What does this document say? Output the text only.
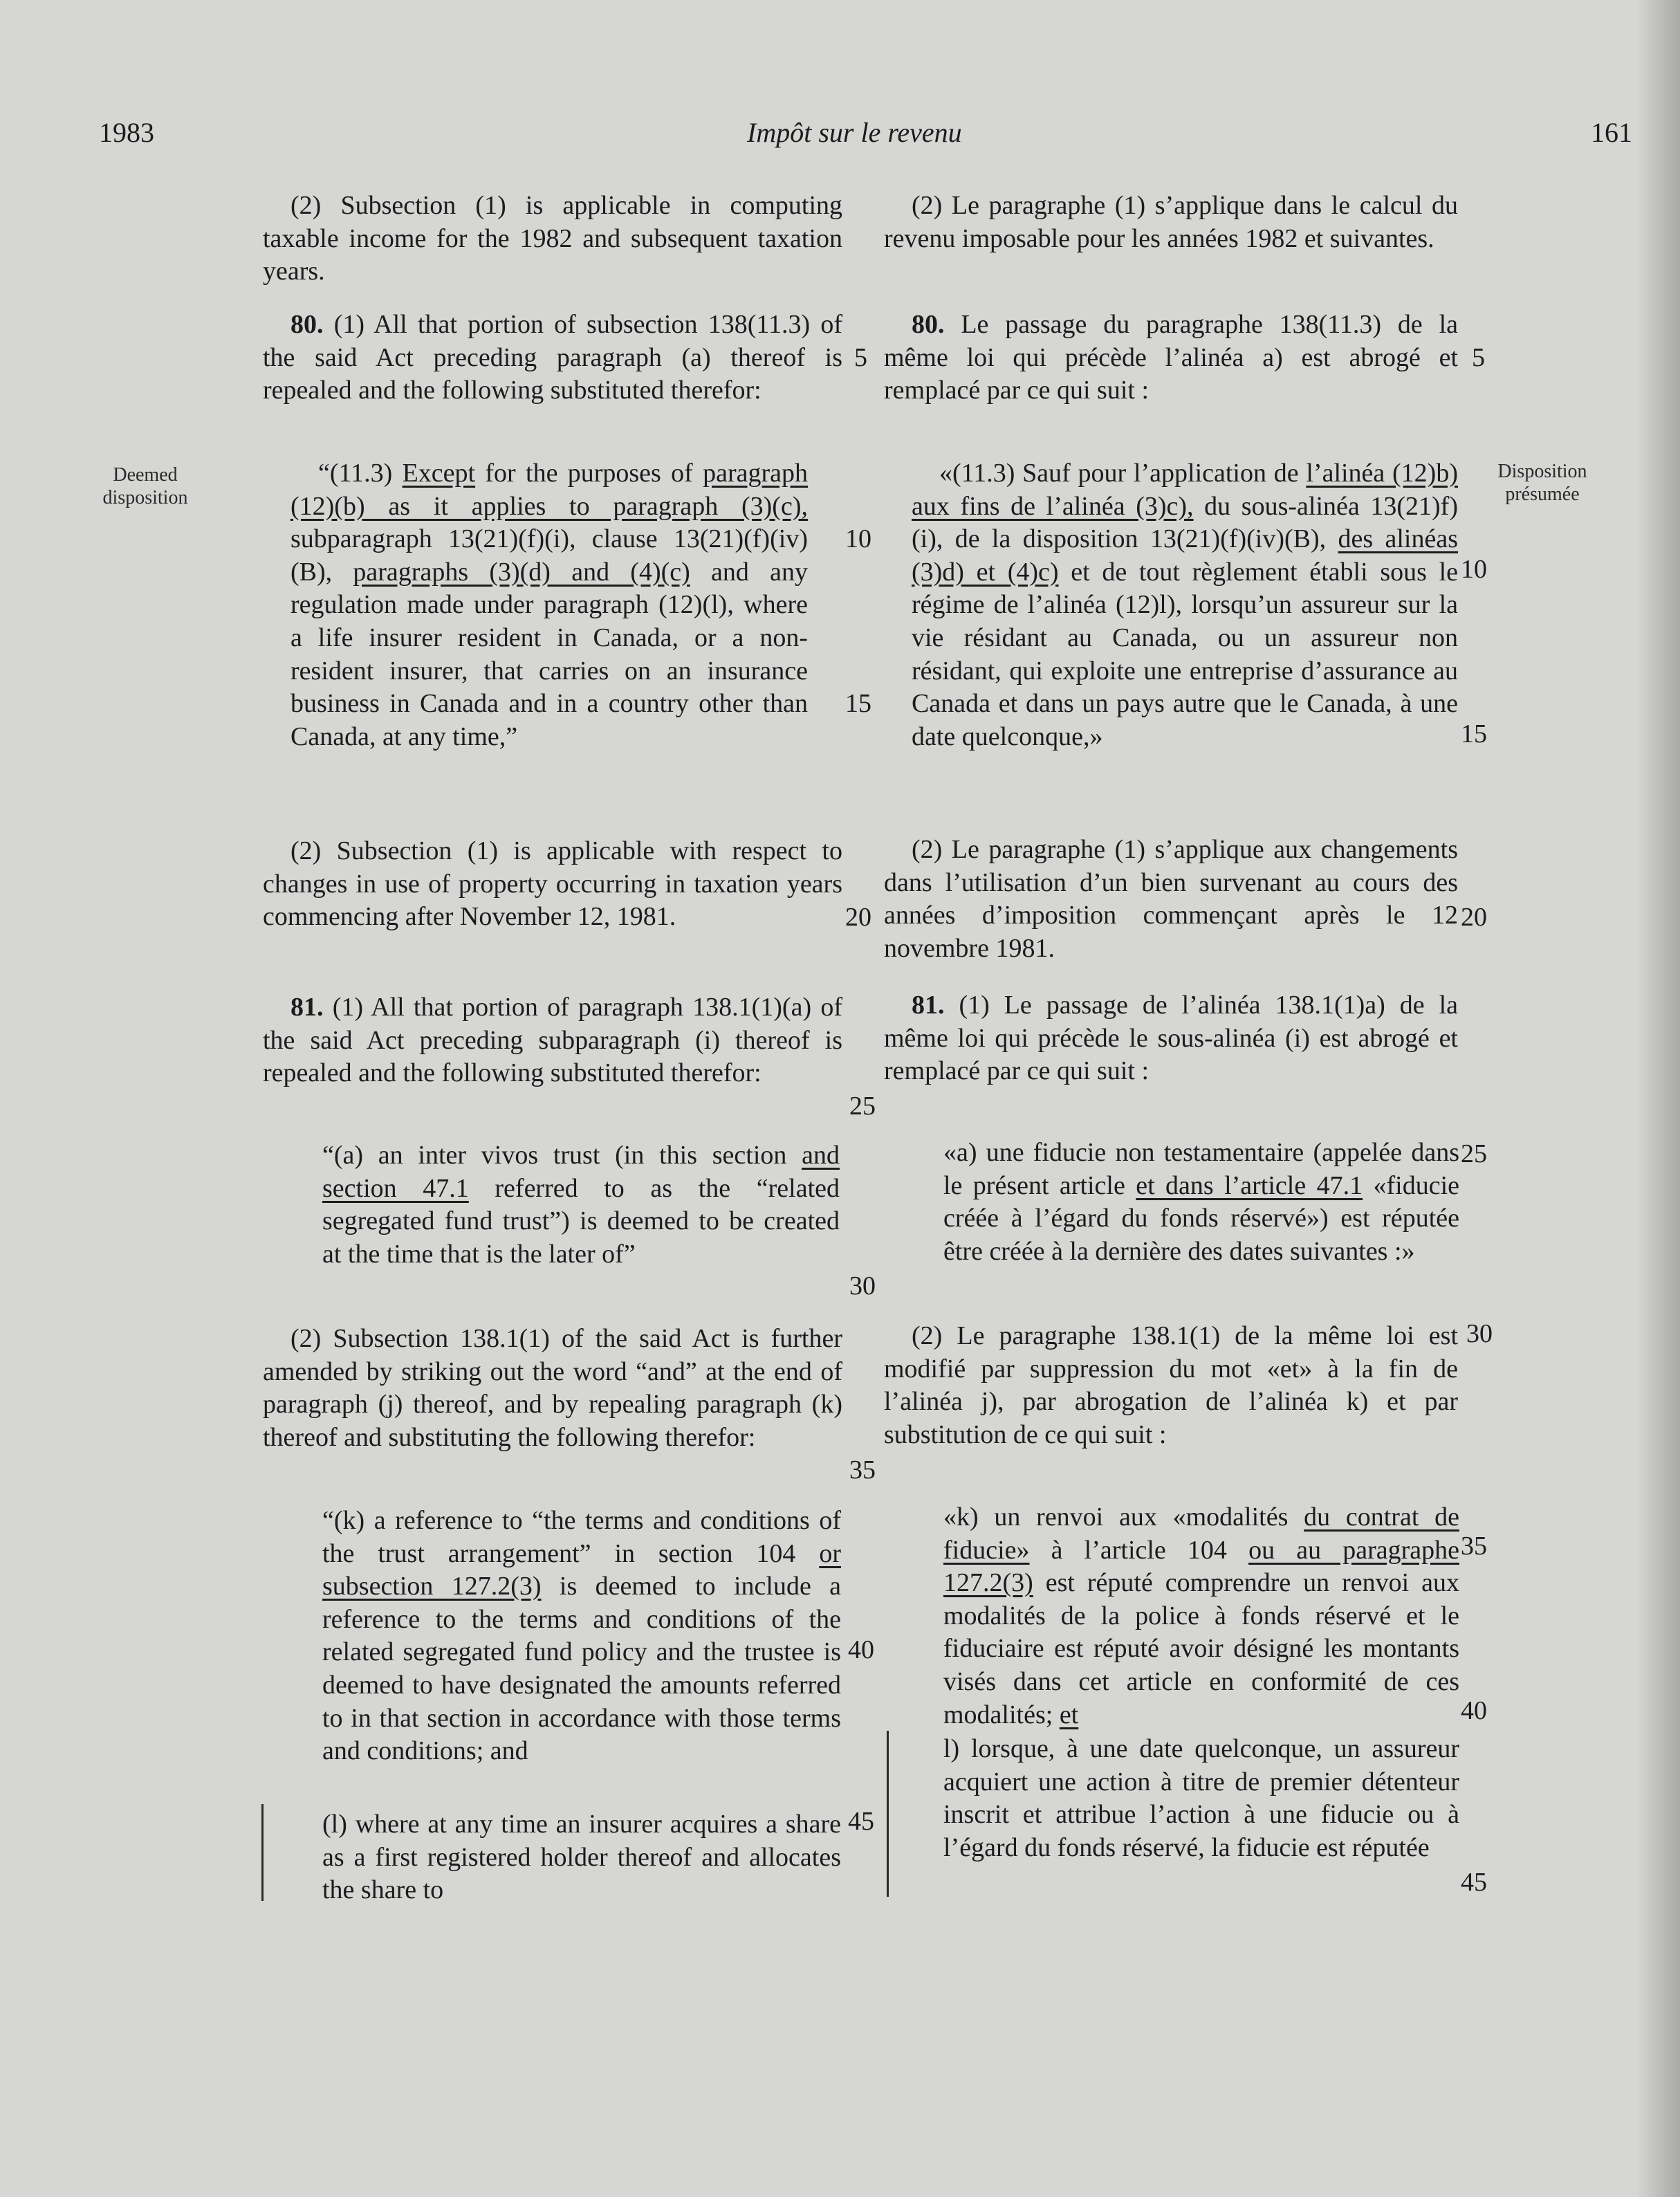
1983	Impôt sur le revenu	161
Deemed disposition
Disposition présumée

(2) Subsection (1) is applicable in computing taxable income for the 1982 and subsequent taxation years.

80. (1) All that portion of subsection 138(11.3) of the said Act preceding paragraph (a) thereof is repealed and the following substituted therefor:

“(11.3) Except for the purposes of paragraph (12)(b) as it applies to paragraph (3)(c), subparagraph 13(21)(f)(i), clause 13(21)(f)(iv)(B), paragraphs (3)(d) and (4)(c) and any regulation made under paragraph (12)(l), where a life insurer resident in Canada, or a non-resident insurer, that carries on an insurance business in Canada and in a country other than Canada, at any time,”

(2) Subsection (1) is applicable with respect to changes in use of property occurring in taxation years commencing after November 12, 1981.

81. (1) All that portion of paragraph 138.1(1)(a) of the said Act preceding subparagraph (i) thereof is repealed and the following substituted therefor:

“(a) an inter vivos trust (in this section and section 47.1 referred to as the “related segregated fund trust”) is deemed to be created at the time that is the later of”

(2) Subsection 138.1(1) of the said Act is further amended by striking out the word “and” at the end of paragraph (j) thereof, and by repealing paragraph (k) thereof and substituting the following therefor:

“(k) a reference to “the terms and conditions of the trust arrangement” in section 104 or subsection 127.2(3) is deemed to include a reference to the terms and conditions of the related segregated fund policy and the trustee is deemed to have designated the amounts referred to in that section in accordance with those terms and conditions; and

(l) where at any time an insurer acquires a share as a first registered holder thereof and allocates the share to

(2) Le paragraphe (1) s’applique dans le calcul du revenu imposable pour les années 1982 et suivantes.

80. Le passage du paragraphe 138(11.3) de la même loi qui précède l’alinéa a) est abrogé et remplacé par ce qui suit :

«(11.3) Sauf pour l’application de l’alinéa (12)b) aux fins de l’alinéa (3)c), du sous-alinéa 13(21)f)(i), de la disposition 13(21)(f)(iv)(B), des alinéas (3)d) et (4)c) et de tout règlement établi sous le régime de l’alinéa (12)l), lorsqu’un assureur sur la vie résidant au Canada, ou un assureur non résidant, qui exploite une entreprise d’assurance au Canada et dans un pays autre que le Canada, à une date quelconque,»

(2) Le paragraphe (1) s’applique aux changements dans l’utilisation d’un bien survenant au cours des années d’imposition commençant après le 12 novembre 1981.

81. (1) Le passage de l’alinéa 138.1(1)a) de la même loi qui précède le sous-alinéa (i) est abrogé et remplacé par ce qui suit :

«a) une fiducie non testamentaire (appelée dans le présent article et dans l’article 47.1 «fiducie créée à l’égard du fonds réservé») est réputée être créée à la dernière des dates suivantes :»

(2) Le paragraphe 138.1(1) de la même loi est modifié par suppression du mot «et» à la fin de l’alinéa j), par abrogation de l’alinéa k) et par substitution de ce qui suit :

«k) un renvoi aux «modalités du contrat de fiducie» à l’article 104 ou au paragraphe 127.2(3) est réputé comprendre un renvoi aux modalités de la police à fonds réservé et le fiduciaire est réputé avoir désigné les montants visés dans cet article en conformité de ces modalités; et

l) lorsque, à une date quelconque, un assureur acquiert une action à titre de premier détenteur inscrit et attribue l’action à une fiducie ou à l’égard du fonds réservé, la fiducie est réputée

5
10
15
20
25
30
35
40
45
5
10
15
20
25
30
35
40
45
